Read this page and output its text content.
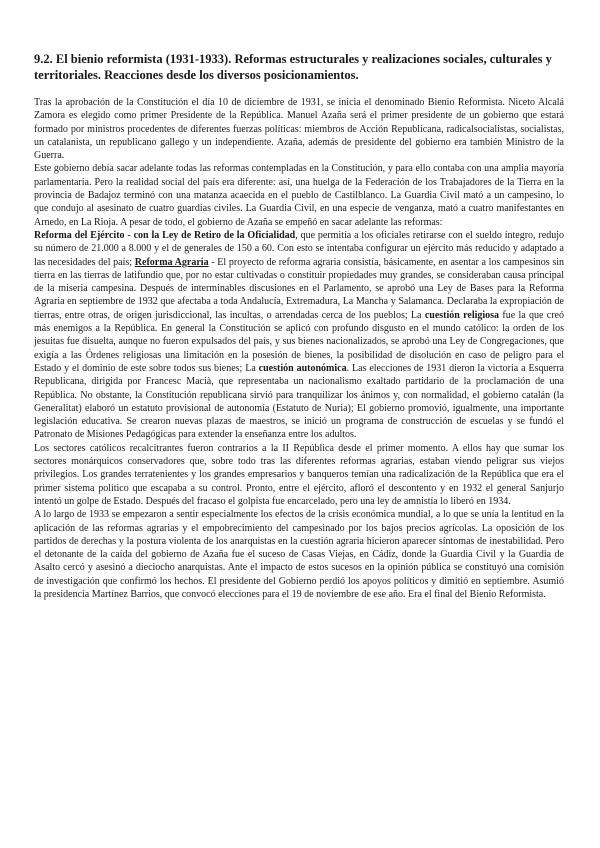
9.2. El bienio reformista (1931-1933). Reformas estructurales y realizaciones sociales, culturales y territoriales. Reacciones desde los diversos posicionamientos.

Tras la aprobación de la Constitución el día 10 de diciembre de 1931, se inicia el denominado Bienio Reformista. Niceto Alcalá Zamora es elegido como primer Presidente de la República. Manuel Azaña será el primer presidente de un gobierno que estará formado por ministros procedentes de diferentes fuerzas políticas: miembros de Acción Republicana, radicalsocialistas, socialistas, un catalanista, un republicano gallego y un independiente. Azaña, además de presidente del gobierno era también Ministro de la Guerra.

Este gobierno debía sacar adelante todas las reformas contempladas en la Constitución, y para ello contaba con una amplia mayoría parlamentaria. Pero la realidad social del país era diferente: así, una huelga de la Federación de los Trabajadores de la Tierra en la provincia de Badajoz terminó con una matanza acaecida en el pueblo de Castilblanco. La Guardia Civil mató a un campesino, lo que condujo al asesinato de cuatro guardias civiles. La Guardia Civil, en una especie de venganza, mató a cuatro manifestantes en Arnedo, en La Rioja. A pesar de todo, el gobierno de Azaña se empeñó en sacar adelante las reformas:

Reforma del Ejército - con la Ley de Retiro de la Oficialidad, que permitía a los oficiales retirarse con el sueldo íntegro, redujo su número de 21.000 a 8.000 y el de generales de 150 a 60. Con esto se intentaba configurar un ejército más reducido y adaptado a las necesidades del país; Reforma Agraria - El proyecto de reforma agraria consistía, básicamente, en asentar a los campesinos sin tierra en las tierras de latifundio que, por no estar cultivadas o constituir propiedades muy grandes, se consideraban causa principal de la miseria campesina. Después de interminables discusiones en el Parlamento, se aprobó una Ley de Bases para la Reforma Agraria en septiembre de 1932 que afectaba a toda Andalucía, Extremadura, La Mancha y Salamanca. Declaraba la expropiación de tierras, entre otras, de origen jurisdiccional, las incultas, o arrendadas cerca de los pueblos; La cuestión religiosa fue la que creó más enemigos a la República. En general la Constitución se aplicó con profundo disgusto en el mundo católico: la orden de los jesuitas fue disuelta, aunque no fueron expulsados del país, y sus bienes nacionalizados, se aprobó una Ley de Congregaciones, que exigía a las Órdenes religiosas una limitación en la posesión de bienes, la posibilidad de disolución en caso de peligro para el Estado y el dominio de este sobre todos sus bienes; La cuestión autonómica. Las elecciones de 1931 dieron la victoria a Esquerra Republicana, dirigida por Francesc Macià, que representaba un nacionalismo exaltado partidario de la proclamación de una República. No obstante, la Constitución republicana sirvió para tranquilizar los ánimos y, con normalidad, el gobierno catalán (la Generalitat) elaboró un estatuto provisional de autonomía (Estatuto de Nuria); El gobierno promovió, igualmente, una importante legislación educativa. Se crearon nuevas plazas de maestros, se inició un programa de construcción de escuelas y se fundó el Patronato de Misiones Pedagógicas para extender la enseñanza entre los adultos.

Los sectores católicos recalcitrantes fueron contrarios a la II República desde el primer momento. A ellos hay que sumar los sectores monárquicos conservadores que, sobre todo tras las diferentes reformas agrarias, estaban viendo peligrar sus viejos privilegios. Los grandes terratenientes y los grandes empresarios y banqueros temían una radicalización de la República que era el primer sistema político que escapaba a su control. Pronto, entre el ejército, afloró el descontento y en 1932 el general Sanjurjo intentó un golpe de Estado. Después del fracaso el golpista fue encarcelado, pero una ley de amnistía lo liberó en 1934.

A lo largo de 1933 se empezaron a sentir especialmente los efectos de la crisis económica mundial, a lo que se unía la lentitud en la aplicación de las reformas agrarias y el empobrecimiento del campesinado por los bajos precios agrícolas. La oposición de los partidos de derechas y la postura violenta de los anarquistas en la cuestión agraria hicieron aparecer síntomas de inestabilidad. Pero el detonante de la caída del gobierno de Azaña fue el suceso de Casas Viejas, en Cádiz, donde la Guardia Civil y la Guardia de Asalto cercó y asesinó a dieciocho anarquistas. Ante el impacto de estos sucesos en la opinión pública se constituyó una comisión de investigación que confirmó los hechos. El presidente del Gobierno perdió los apoyos políticos y dimitió en septiembre. Asumió la presidencia Martínez Barrios, que convocó elecciones para el 19 de noviembre de ese año. Era el final del Bienio Reformista.
